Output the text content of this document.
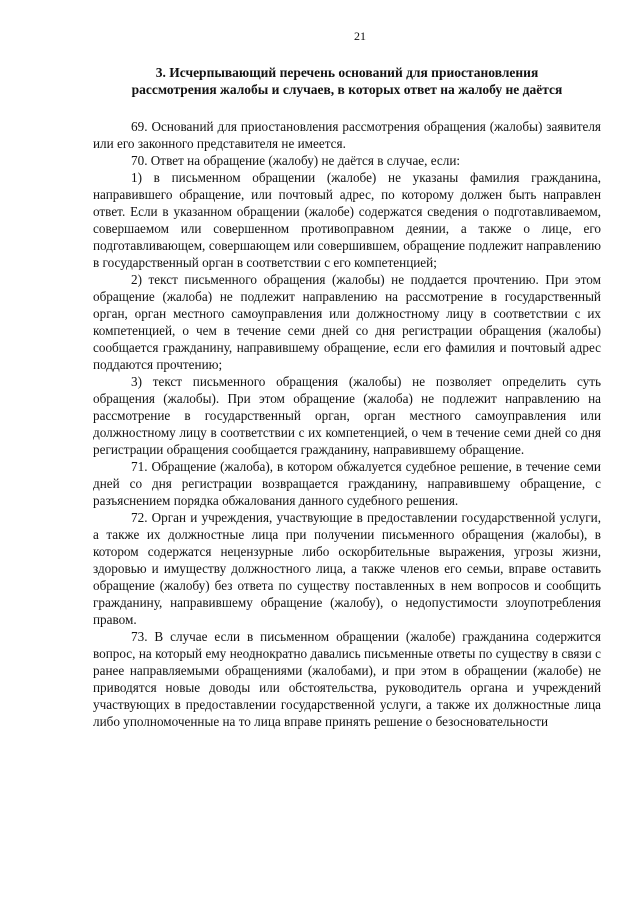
21
3. Исчерпывающий перечень оснований для приостановления
рассмотрения жалобы и случаев, в которых ответ на жалобу не даётся

69. Оснований для приостановления рассмотрения обращения (жалобы) заявителя или его законного представителя не имеется.

70. Ответ на обращение (жалобу) не даётся в случае, если:

1) в письменном обращении (жалобе) не указаны фамилия гражданина, направившего обращение, или почтовый адрес, по которому должен быть направлен ответ. Если в указанном обращении (жалобе) содержатся сведения о подготавливаемом, совершаемом или совершенном противоправном деянии, а также о лице, его подготавливающем, совершающем или совершившем, обращение подлежит направлению в государственный орган в соответствии с его компетенцией;

2) текст письменного обращения (жалобы) не поддается прочтению. При этом обращение (жалоба) не подлежит направлению на рассмотрение в государственный орган, орган местного самоуправления или должностному лицу в соответствии с их компетенцией, о чем в течение семи дней со дня регистрации обращения (жалобы) сообщается гражданину, направившему обращение, если его фамилия и почтовый адрес поддаются прочтению;

3) текст письменного обращения (жалобы) не позволяет определить суть обращения (жалобы). При этом обращение (жалоба) не подлежит направлению на рассмотрение в государственный орган, орган местного самоуправления или должностному лицу в соответствии с их компетенцией, о чем в течение семи дней со дня регистрации обращения сообщается гражданину, направившему обращение.

71. Обращение (жалоба), в котором обжалуется судебное решение, в течение семи дней со дня регистрации возвращается гражданину, направившему обращение, с разъяснением порядка обжалования данного судебного решения.

72. Орган и учреждения, участвующие в предоставлении государственной услуги, а также их должностные лица при получении письменного обращения (жалобы), в котором содержатся нецензурные либо оскорбительные выражения, угрозы жизни, здоровью и имуществу должностного лица, а также членов его семьи, вправе оставить обращение (жалобу) без ответа по существу поставленных в нем вопросов и сообщить гражданину, направившему обращение (жалобу), о недопустимости злоупотребления правом.

73. В случае если в письменном обращении (жалобе) гражданина содержится вопрос, на который ему неоднократно давались письменные ответы по существу в связи с ранее направляемыми обращениями (жалобами), и при этом в обращении (жалобе) не приводятся новые доводы или обстоятельства, руководитель органа и учреждений участвующих в предоставлении государственной услуги, а также их должностные лица либо уполномоченные на то лица вправе принять решение о безосновательности
